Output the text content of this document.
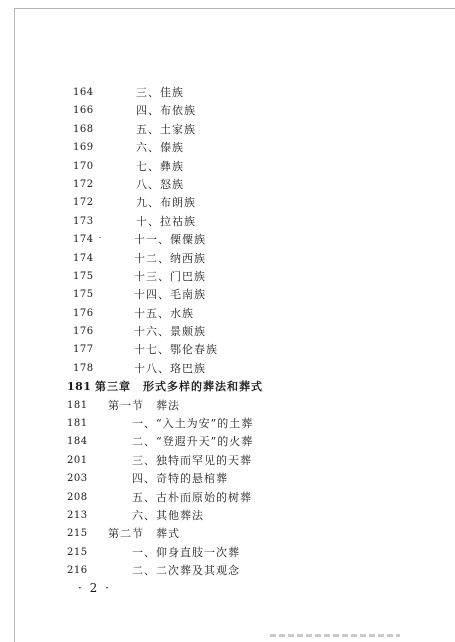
164	三、佳族
166	四、布依族
168	五、土家族
169	六、傣族
170	七、彝族
172	八、怒族
172	九、布朗族
173	十、拉祜族
174	十一、傈僳族
174	十二、纳西族
175	十三、门巴族
175	十四、毛南族
176	十五、水族
176	十六、景颇族
177	十七、鄂伦春族
178	十八、珞巴族
181 第三章　形式多样的葬法和葬式
181 第一节　葬法
181	一、“入土为安”的土葬
184	二、“登遐升天”的火葬
201	三、独特而罕见的天葬
203	四、奇特的悬棺葬
208	五、古朴而原始的树葬
213	六、其他葬法
215 第二节　葬式
215	一、仰身直肢一次葬
216	二、二次葬及其观念
· 2 ·
